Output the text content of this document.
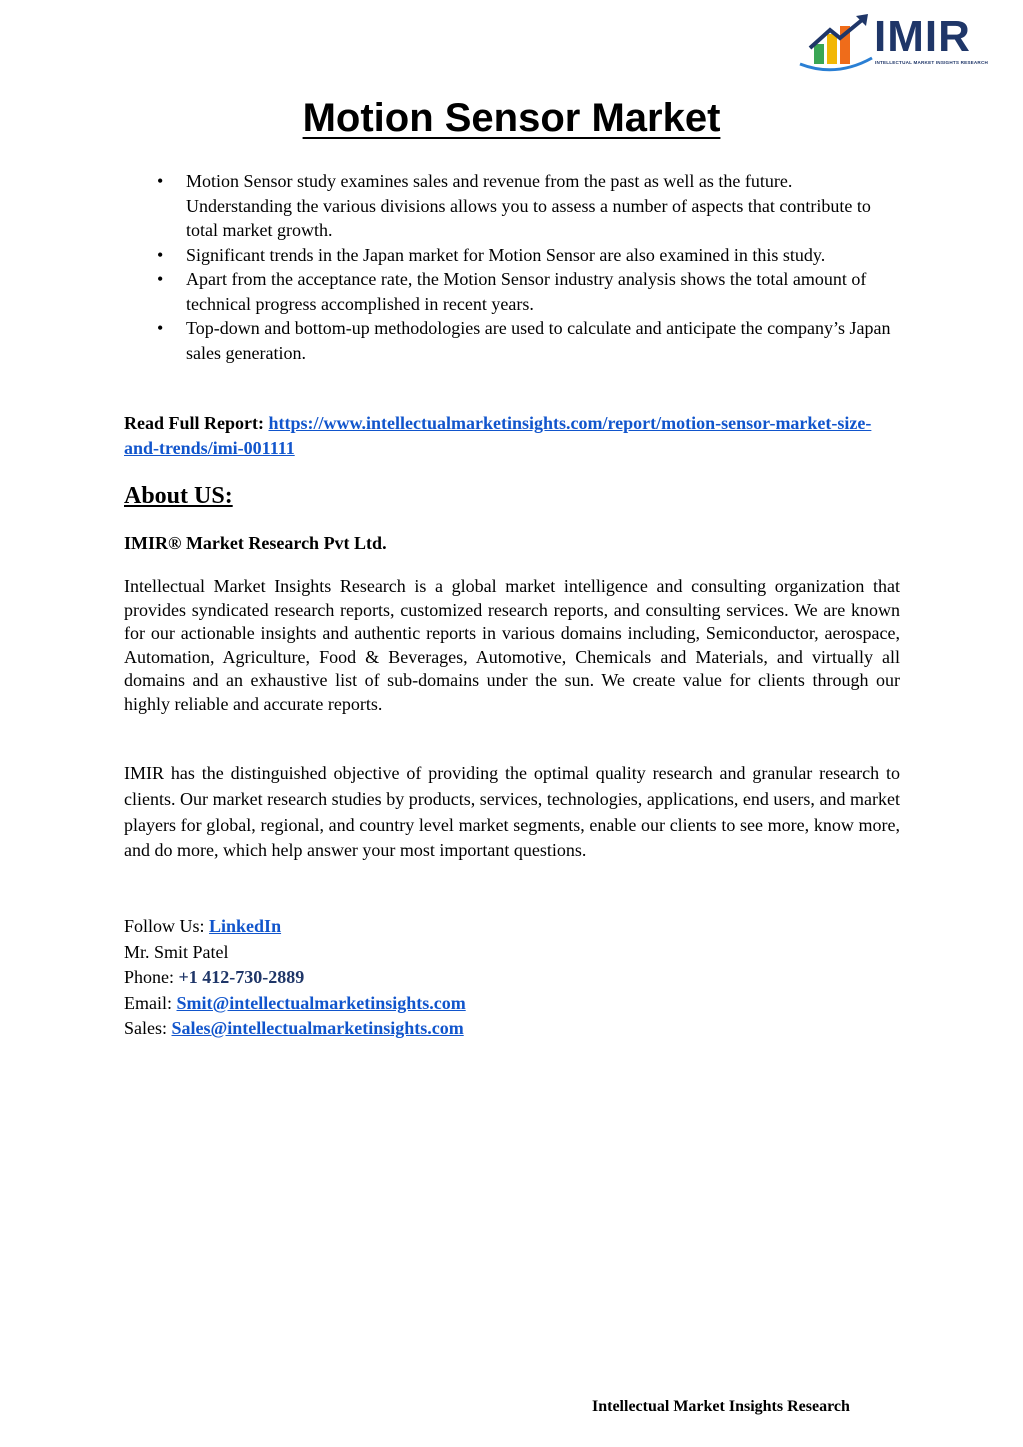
IMIR
INTELLECTUAL MARKET INSIGHTS RESEARCH
Motion Sensor Market
• Motion Sensor study examines sales and revenue from the past as well as the future. Understanding the various divisions allows you to assess a number of aspects that contribute to total market growth.
• Significant trends in the Japan market for Motion Sensor are also examined in this study.
• Apart from the acceptance rate, the Motion Sensor industry analysis shows the total amount of technical progress accomplished in recent years.
• Top-down and bottom-up methodologies are used to calculate and anticipate the company’s Japan sales generation.
Read Full Report: https://www.intellectualmarketinsights.com/report/motion-sensor-market-size-and-trends/imi-001111
About US:
IMIR® Market Research Pvt Ltd.

Intellectual Market Insights Research is a global market intelligence and consulting organization that provides syndicated research reports, customized research reports, and consulting services. We are known for our actionable insights and authentic reports in various domains including, Semiconductor, aerospace, Automation, Agriculture, Food & Beverages, Automotive, Chemicals and Materials, and virtually all domains and an exhaustive list of sub-domains under the sun. We create value for clients through our highly reliable and accurate reports.

IMIR has the distinguished objective of providing the optimal quality research and granular research to clients. Our market research studies by products, services, technologies, applications, end users, and market players for global, regional, and country level market segments, enable our clients to see more, know more, and do more, which help answer your most important questions.

Follow Us: LinkedIn
Mr. Smit Patel
Phone: +1 412-730-2889
Email: Smit@intellectualmarketinsights.com
Sales: Sales@intellectualmarketinsights.com
Intellectual Market Insights Research
